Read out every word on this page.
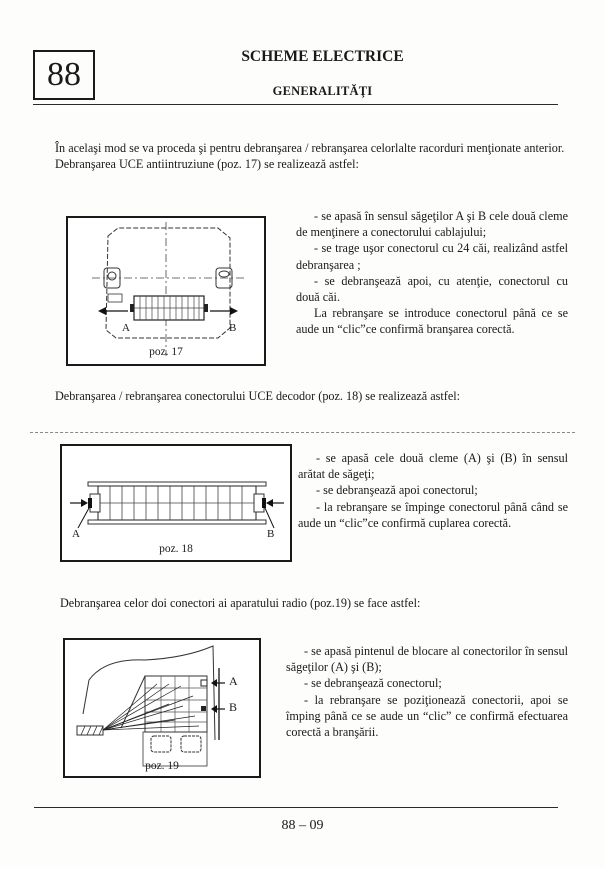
88	SCHEME ELECTRICE
GENERALITĂŢI

În acelaşi mod se va proceda şi pentru debranşarea / rebranşarea celorlalte racorduri menţionate anterior.

Debranşarea UCE antiintruziune (poz. 17) se realizează astfel:

A	B
poz. 17

- se apasă în sensul săgeţilor A şi B cele două cleme de menţinere a conectorului cablajului;

- se trage uşor conectorul cu 24 căi, realizând astfel debranşarea ;

- se debranşează apoi, cu atenţie, conectorul cu două căi.

La rebranşare se introduce conectorul până ce se aude un “clic”ce confirmă branşarea corectă.

Debranşarea / rebranşarea conectorului UCE decodor (poz. 18) se realizează astfel:

A	B
poz. 18

- se apasă cele două cleme (A) şi (B) în sensul arătat de săgeţi;

- se debranşează apoi conectorul;

- la rebranşare se împinge conectorul până când se aude un “clic”ce confirmă cuplarea corectă.

Debranşarea celor doi conectori ai aparatului radio (poz.19) se face astfel:

A
B
poz. 19

- se apasă pintenul de blocare al conectorilor în sensul săgeţilor (A) şi (B);

- se debranşează conectorul;

- la rebranşare se poziţionează conectorii, apoi se împing până ce se aude un “clic” ce confirmă efectuarea corectă a branşării.

88 – 09
